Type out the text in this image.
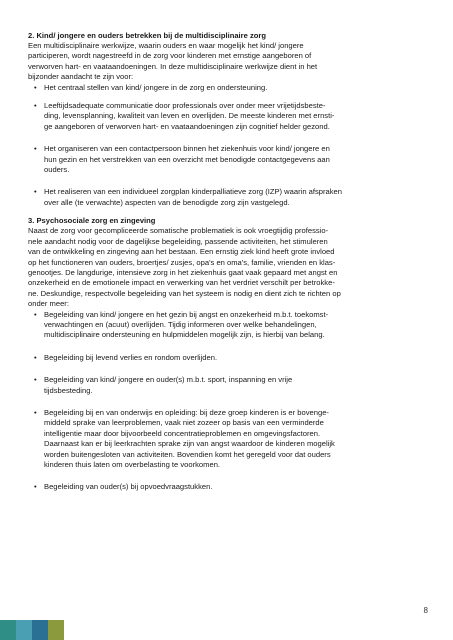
2. Kind/ jongere en ouders betrekken bij de multidisciplinaire zorg

Een multidisciplinaire werkwijze, waarin ouders en waar mogelijk het kind/ jongere

participeren, wordt nagestreefd in de zorg voor kinderen met ernstige aangeboren of

verworven hart- en vaataandoeningen. In deze multidisciplinaire werkwijze dient in het

bijzonder aandacht te zijn voor:

• Het centraal stellen van kind/ jongere in de zorg en ondersteuning.
• Leeftijdsadequate communicatie door professionals over onder meer vrijetijdsbeste-
ding, levensplanning, kwaliteit van leven en overlijden. De meeste kinderen met ernsti-
ge aangeboren of verworven hart- en vaataandoeningen zijn cognitief helder gezond.
• Het organiseren van een contactpersoon binnen het ziekenhuis voor kind/ jongere en
hun gezin en het verstrekken van een overzicht met benodigde contactgegevens aan
ouders.
• Het realiseren van een individueel zorgplan kinderpalliatieve zorg (IZP) waarin afspraken
over alle (te verwachte) aspecten van de benodigde zorg zijn vastgelegd.
3. Psychosociale zorg en zingeving

Naast de zorg voor gecompliceerde somatische problematiek is ook vroegtijdig professio-

nele aandacht nodig voor de dagelijkse begeleiding, passende activiteiten, het stimuleren

van de ontwikkeling en zingeving aan het bestaan. Een ernstig ziek kind heeft grote invloed

op het functioneren van ouders, broertjes/ zusjes, opa's en oma's, familie, vrienden en klas-

genootjes. De langdurige, intensieve zorg in het ziekenhuis gaat vaak gepaard met angst en

onzekerheid en de emotionele impact en verwerking van het verdriet verschilt per betrokke-

ne. Deskundige, respectvolle begeleiding van het systeem is nodig en dient zich te richten op

onder meer:

• Begeleiding van kind/ jongere en het gezin bij angst en onzekerheid m.b.t. toekomst-
verwachtingen en (acuut) overlijden. Tijdig informeren over welke behandelingen,
multidisciplinaire ondersteuning en hulpmiddelen mogelijk zijn, is hierbij van belang.
• Begeleiding bij levend verlies en rondom overlijden.
• Begeleiding van kind/ jongere en ouder(s) m.b.t. sport, inspanning en vrije
tijdsbesteding.
• Begeleiding bij en van onderwijs en opleiding: bij deze groep kinderen is er bovenge-
middeld sprake van leerproblemen, vaak niet zozeer op basis van een verminderde
intelligentie maar door bijvoorbeeld concentratieproblemen en omgevingsfactoren.
Daarnaast kan er bij leerkrachten sprake zijn van angst waardoor de kinderen mogelijk
worden buitengesloten van activiteiten. Bovendien komt het geregeld voor dat ouders
kinderen thuis laten om overbelasting te voorkomen.
• Begeleiding van ouder(s) bij opvoedvraagstukken.
8
